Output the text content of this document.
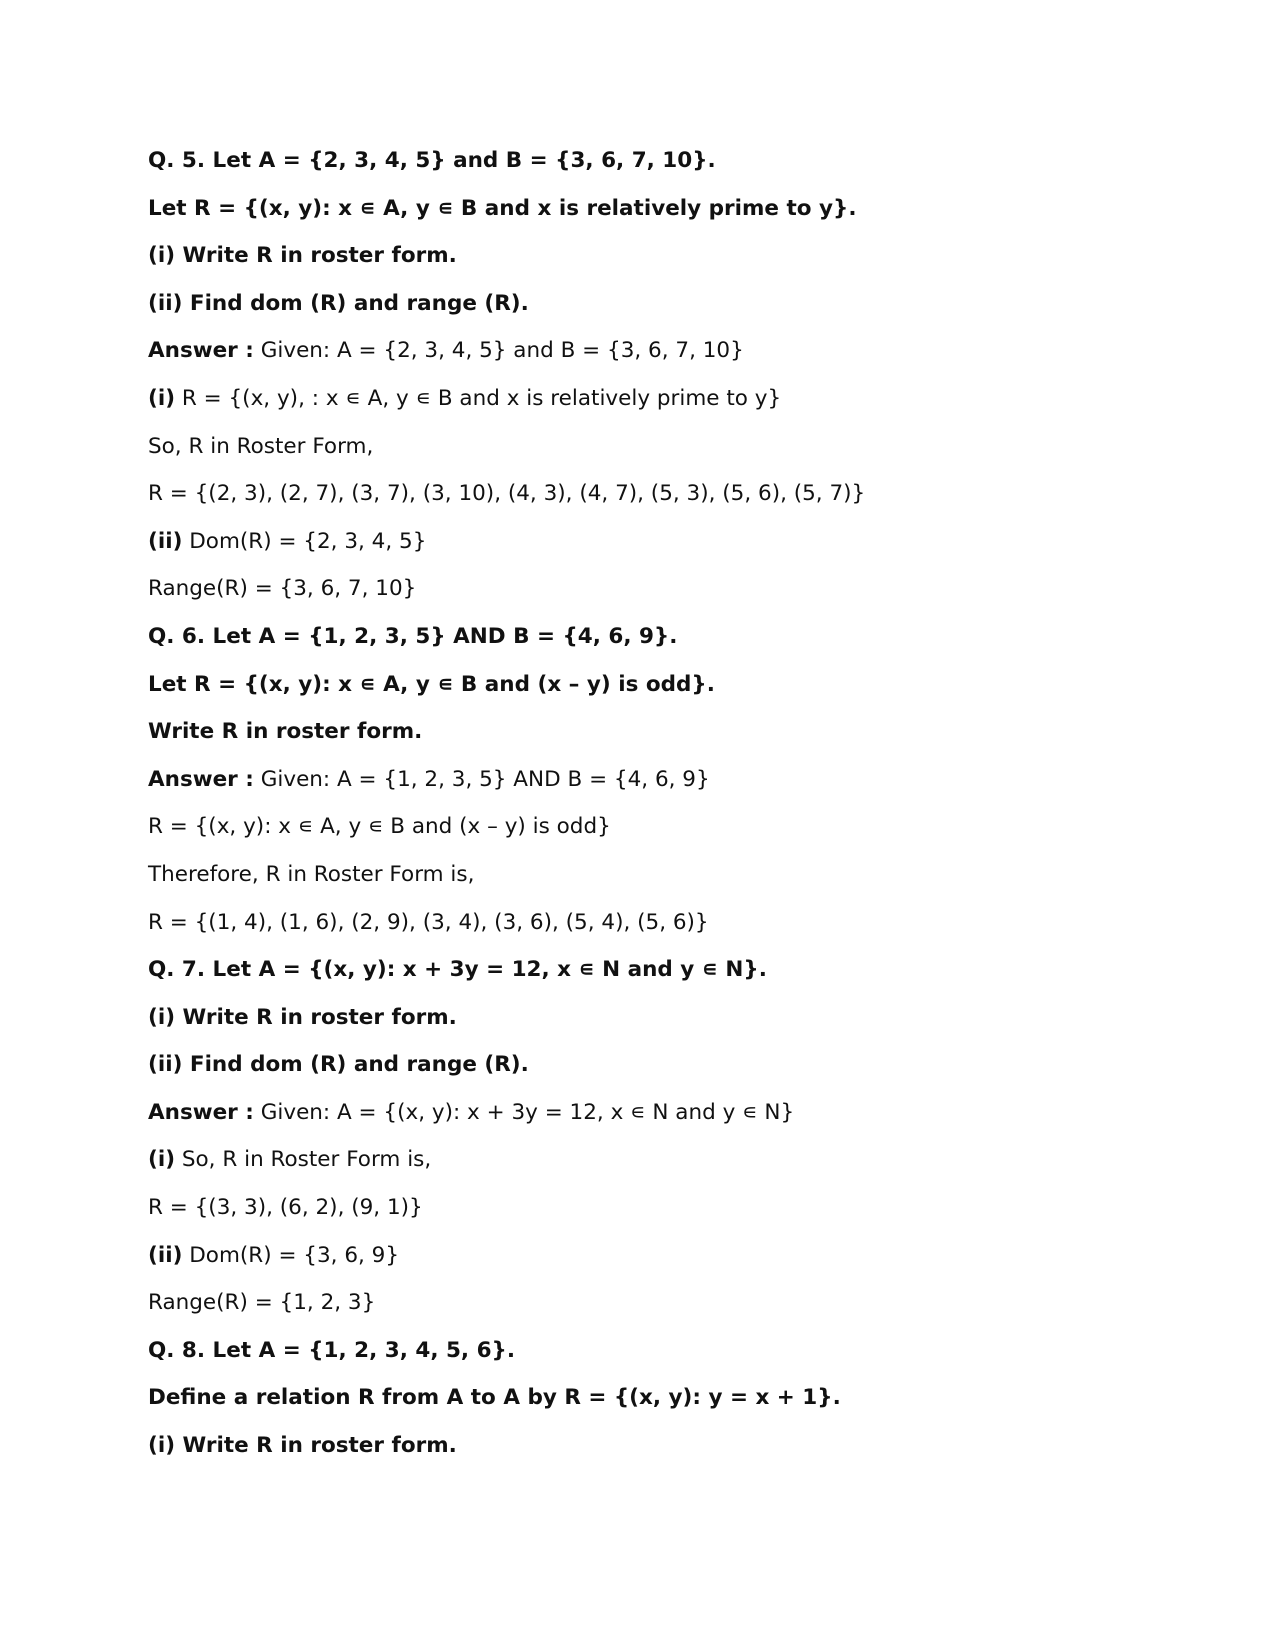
Q. 5. Let A = {2, 3, 4, 5} and B = {3, 6, 7, 10}.
Let R = {(x, y): x ∊ A, y ∊ B and x is relatively prime to y}.
(i) Write R in roster form.
(ii) Find dom (R) and range (R).
Answer : Given: A = {2, 3, 4, 5} and B = {3, 6, 7, 10}
(i) R = {(x, y), : x ∊ A, y ∊ B and x is relatively prime to y}
So, R in Roster Form,
R = {(2, 3), (2, 7), (3, 7), (3, 10), (4, 3), (4, 7), (5, 3), (5, 6), (5, 7)}
(ii) Dom(R) = {2, 3, 4, 5}
Range(R) = {3, 6, 7, 10}
Q. 6. Let A = {1, 2, 3, 5} AND B = {4, 6, 9}.
Let R = {(x, y): x ∊ A, y ∊ B and (x – y) is odd}.
Write R in roster form.
Answer : Given: A = {1, 2, 3, 5} AND B = {4, 6, 9}
R = {(x, y): x ∊ A, y ∊ B and (x – y) is odd}
Therefore, R in Roster Form is,
R = {(1, 4), (1, 6), (2, 9), (3, 4), (3, 6), (5, 4), (5, 6)}
Q. 7. Let A = {(x, y): x + 3y = 12, x ∊ N and y ∊ N}.
(i) Write R in roster form.
(ii) Find dom (R) and range (R).
Answer : Given: A = {(x, y): x + 3y = 12, x ∊ N and y ∊ N}
(i) So, R in Roster Form is,
R = {(3, 3), (6, 2), (9, 1)}
(ii) Dom(R) = {3, 6, 9}
Range(R) = {1, 2, 3}
Q. 8. Let A = {1, 2, 3, 4, 5, 6}.
Define a relation R from A to A by R = {(x, y): y = x + 1}.
(i) Write R in roster form.
